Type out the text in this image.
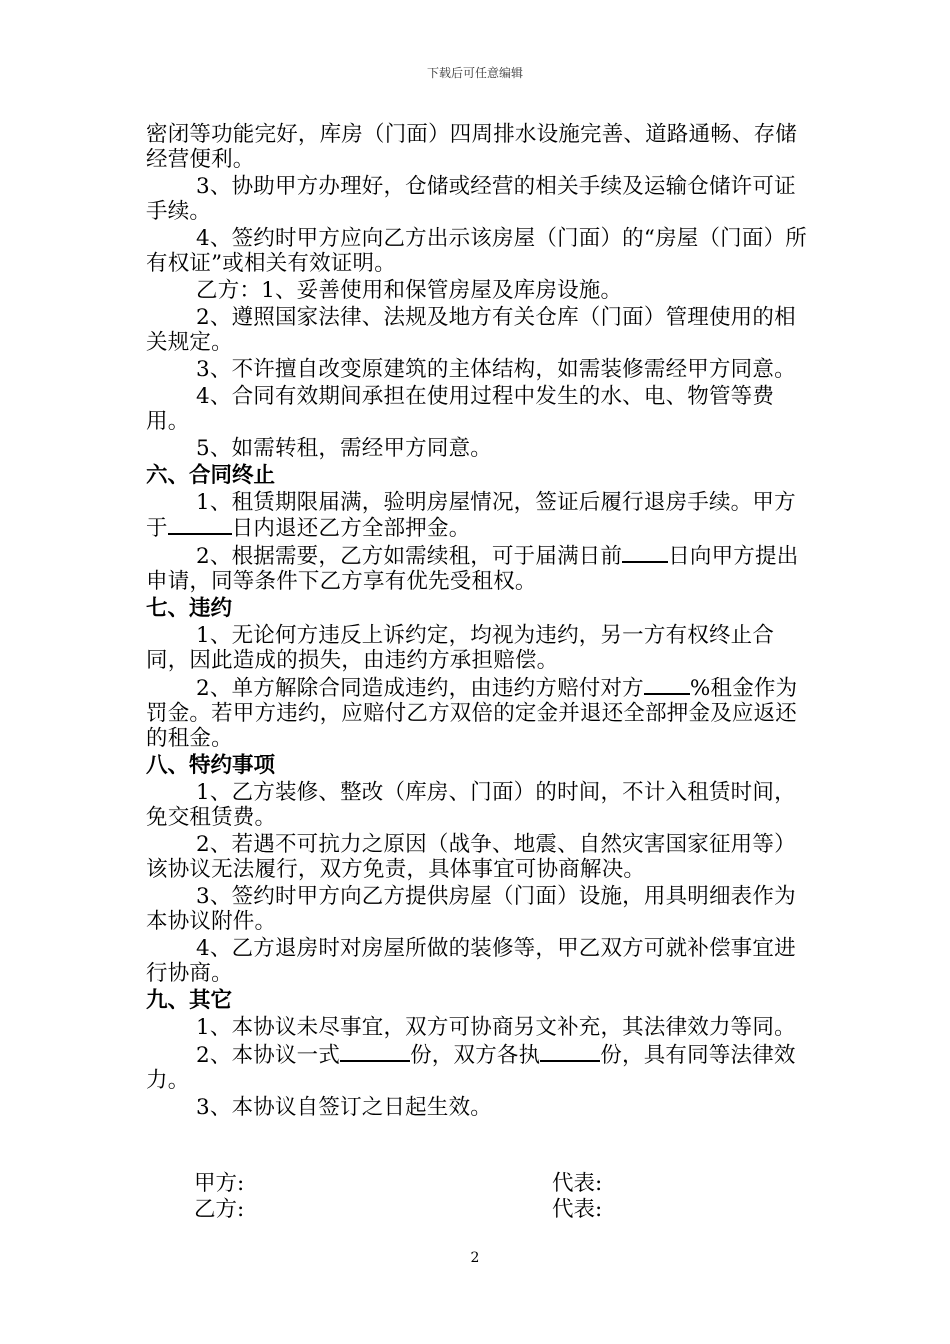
下载后可任意编辑
密闭等功能完好，库房（门面）四周排水设施完善、道路通畅、存储经营便利。
3、协助甲方办理好，仓储或经营的相关手续及运输仓储许可证手续。
4、签约时甲方应向乙方出示该房屋（门面）的“房屋（门面）所有权证”或相关有效证明。
乙方：1、妥善使用和保管房屋及库房设施。
2、遵照国家法律、法规及地方有关仓库（门面）管理使用的相关规定。
3、不许擅自改变原建筑的主体结构，如需装修需经甲方同意。
4、合同有效期间承担在使用过程中发生的水、电、物管等费用。
5、如需转租，需经甲方同意。
六、合同终止
1、租赁期限届满，验明房屋情况，签证后履行退房手续。甲方于	日内退还乙方全部押金。
2、根据需要，乙方如需续租，可于届满日前 日向甲方提出申请，同等条件下乙方享有优先受租权。
七、违约
1、无论何方违反上诉约定，均视为违约，另一方有权终止合同，因此造成的损失，由违约方承担赔偿。
2、单方解除合同造成违约，由违约方赔付对方 %租金作为罚金。若甲方违约，应赔付乙方双倍的定金并退还全部押金及应返还的租金。
八、特约事项
1、乙方装修、整改（库房、门面）的时间，不计入租赁时间，免交租赁费。
2、若遇不可抗力之原因（战争、地震、自然灾害国家征用等）该协议无法履行，双方免责，具体事宜可协商解决。
3、签约时甲方向乙方提供房屋（门面）设施，用具明细表作为本协议附件。
4、乙方退房时对房屋所做的装修等，甲乙双方可就补偿事宜进行协商。
九、其它
1、本协议未尽事宜，双方可协商另文补充，其法律效力等同。
2、本协议一式	份，双方各执	份，具有同等法律效力。
3、本协议自签订之日起生效。
甲方:	代表:
乙方:	代表:
2
